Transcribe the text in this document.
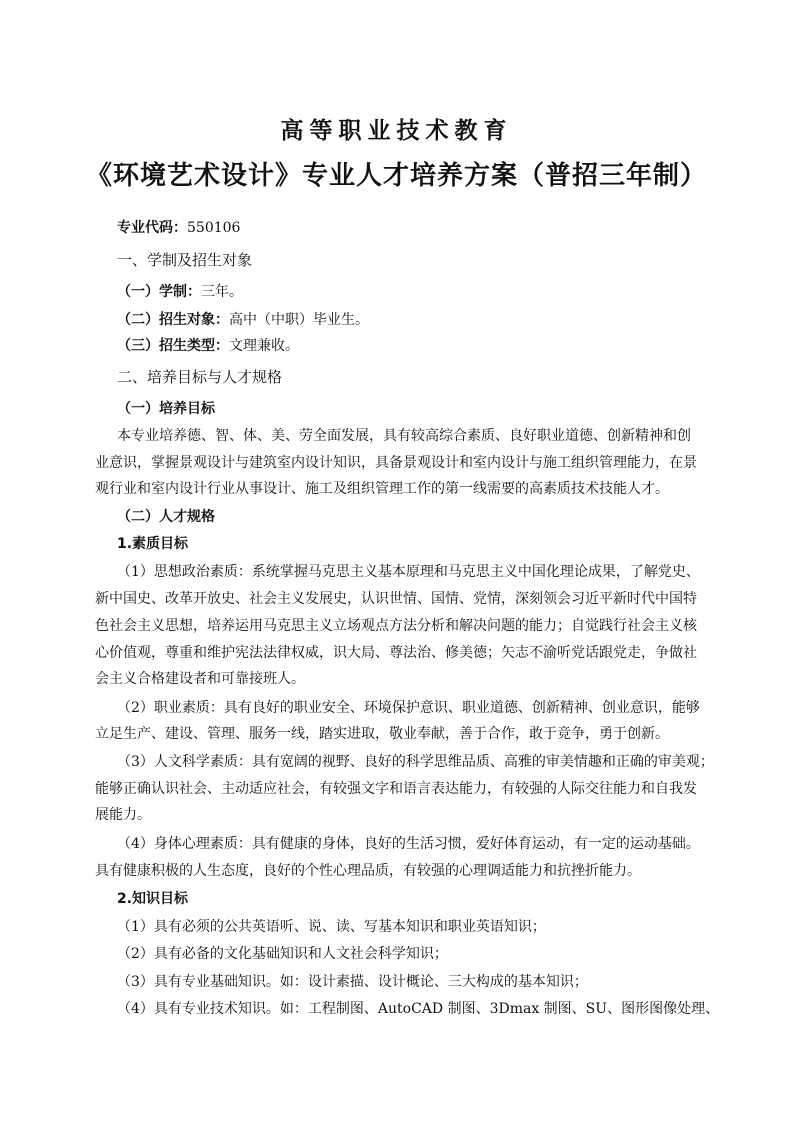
高等职业技术教育
《环境艺术设计》专业人才培养方案（普招三年制）
专业代码：550106
一、学制及招生对象
（一）学制：三年。
（二）招生对象：高中（中职）毕业生。
（三）招生类型：文理兼收。
二、培养目标与人才规格
（一）培养目标
本专业培养德、智、体、美、劳全面发展，具有较高综合素质、良好职业道德、创新精神和创
业意识，掌握景观设计与建筑室内设计知识，具备景观设计和室内设计与施工组织管理能力，在景
观行业和室内设计行业从事设计、施工及组织管理工作的第一线需要的高素质技术技能人才。
（二）人才规格
1.素质目标
（1）思想政治素质：系统掌握马克思主义基本原理和马克思主义中国化理论成果，了解党史、
新中国史、改革开放史、社会主义发展史，认识世情、国情、党情，深刻领会习近平新时代中国特
色社会主义思想，培养运用马克思主义立场观点方法分析和解决问题的能力；自觉践行社会主义核
心价值观，尊重和维护宪法法律权威，识大局、尊法治、修美德；矢志不渝听党话跟党走，争做社
会主义合格建设者和可靠接班人。
（2）职业素质：具有良好的职业安全、环境保护意识、职业道德、创新精神、创业意识，能够
立足生产、建设、管理、服务一线，踏实进取，敬业奉献，善于合作，敢于竞争，勇于创新。
（3）人文科学素质：具有宽阔的视野、良好的科学思维品质、高雅的审美情趣和正确的审美观；
能够正确认识社会、主动适应社会，有较强文字和语言表达能力，有较强的人际交往能力和自我发
展能力。
（4）身体心理素质：具有健康的身体，良好的生活习惯，爱好体育运动，有一定的运动基础。
具有健康积极的人生态度，良好的个性心理品质，有较强的心理调适能力和抗挫折能力。
2.知识目标
（1）具有必须的公共英语听、说、读、写基本知识和职业英语知识；
（2）具有必备的文化基础知识和人文社会科学知识；
（3）具有专业基础知识。如：设计素描、设计概论、三大构成的基本知识；
（4）具有专业技术知识。如：工程制图、AutoCAD 制图、3Dmax 制图、SU、图形图像处理、
